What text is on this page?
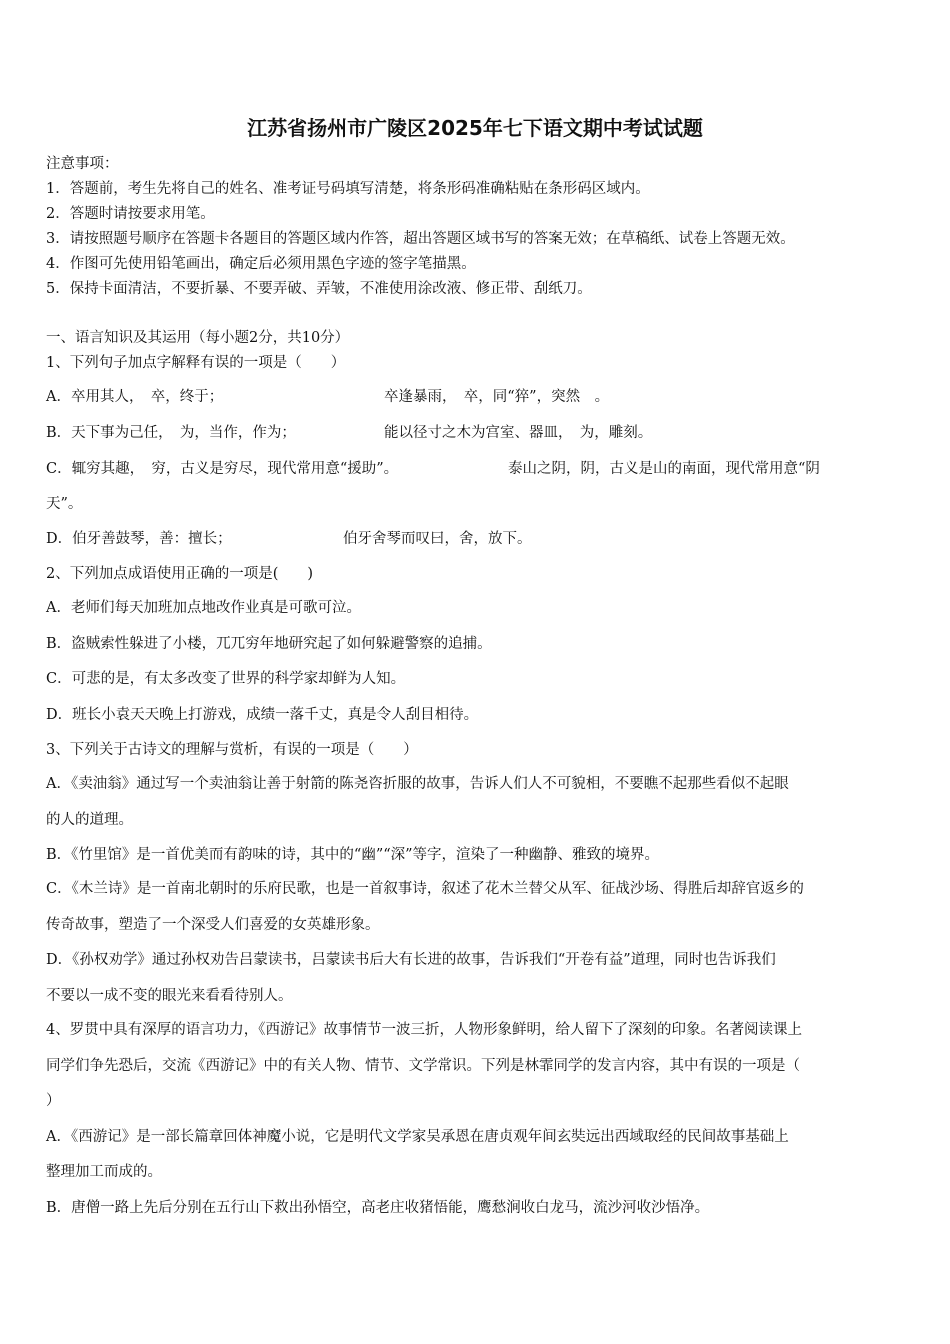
江苏省扬州市广陵区2025年七下语文期中考试试题
注意事项：
1．答题前，考生先将自己的姓名、准考证号码填写清楚，将条形码准确粘贴在条形码区域内。
2．答题时请按要求用笔。
3．请按照题号顺序在答题卡各题目的答题区域内作答，超出答题区域书写的答案无效；在草稿纸、试卷上答题无效。
4．作图可先使用铅笔画出，确定后必须用黑色字迹的签字笔描黑。
5．保持卡面清洁，不要折暴、不要弄破、弄皱，不准使用涂改液、修正带、刮纸刀。
一、语言知识及其运用（每小题2分，共10分）
1、下列句子加点字解释有误的一项是（　　）
A．卒用其人，　卒，终于；	卒逢暴雨，　卒，同“猝”，突然　。
B．天下事为己任，　为，当作，作为；	能以径寸之木为宫室、器皿，　为，雕刻。
C．辄穷其趣，　穷，古义是穷尽，现代常用意“援助”。	泰山之阴，阴，古义是山的南面，现代常用意“阴
天”。
D．伯牙善鼓琴，善：擅长；	伯牙舍琴而叹曰，舍，放下。
2、下列加点成语使用正确的一项是(　　)
A．老师们每天加班加点地改作业真是可歌可泣。
B．盗贼索性躲进了小楼，兀兀穷年地研究起了如何躲避警察的追捕。
C．可悲的是，有太多改变了世界的科学家却鲜为人知。
D．班长小袁天天晚上打游戏，成绩一落千丈，真是令人刮目相待。
3、下列关于古诗文的理解与赏析，有误的一项是（　　）
A．《卖油翁》通过写一个卖油翁让善于射箭的陈尧咨折服的故事，告诉人们人不可貌相，不要瞧不起那些看似不起眼
的人的道理。
B．《竹里馆》是一首优美而有韵味的诗，其中的“幽”“深”等字，渲染了一种幽静、雅致的境界。
C．《木兰诗》是一首南北朝时的乐府民歌，也是一首叙事诗，叙述了花木兰替父从军、征战沙场、得胜后却辞官返乡的
传奇故事，塑造了一个深受人们喜爱的女英雄形象。
D．《孙权劝学》通过孙权劝告吕蒙读书，吕蒙读书后大有长进的故事，告诉我们“开卷有益”道理，同时也告诉我们
不要以一成不变的眼光来看看待别人。
4、罗贯中具有深厚的语言功力，《西游记》故事情节一波三折，人物形象鲜明，给人留下了深刻的印象。名著阅读课上
同学们争先恐后，交流《西游记》中的有关人物、情节、文学常识。下列是林霏同学的发言内容，其中有误的一项是（
）
A．《西游记》是一部长篇章回体神魔小说，它是明代文学家吴承恩在唐贞观年间玄奘远出西域取经的民间故事基础上
整理加工而成的。
B．唐僧一路上先后分别在五行山下救出孙悟空，高老庄收猪悟能，鹰愁涧收白龙马，流沙河收沙悟净。
